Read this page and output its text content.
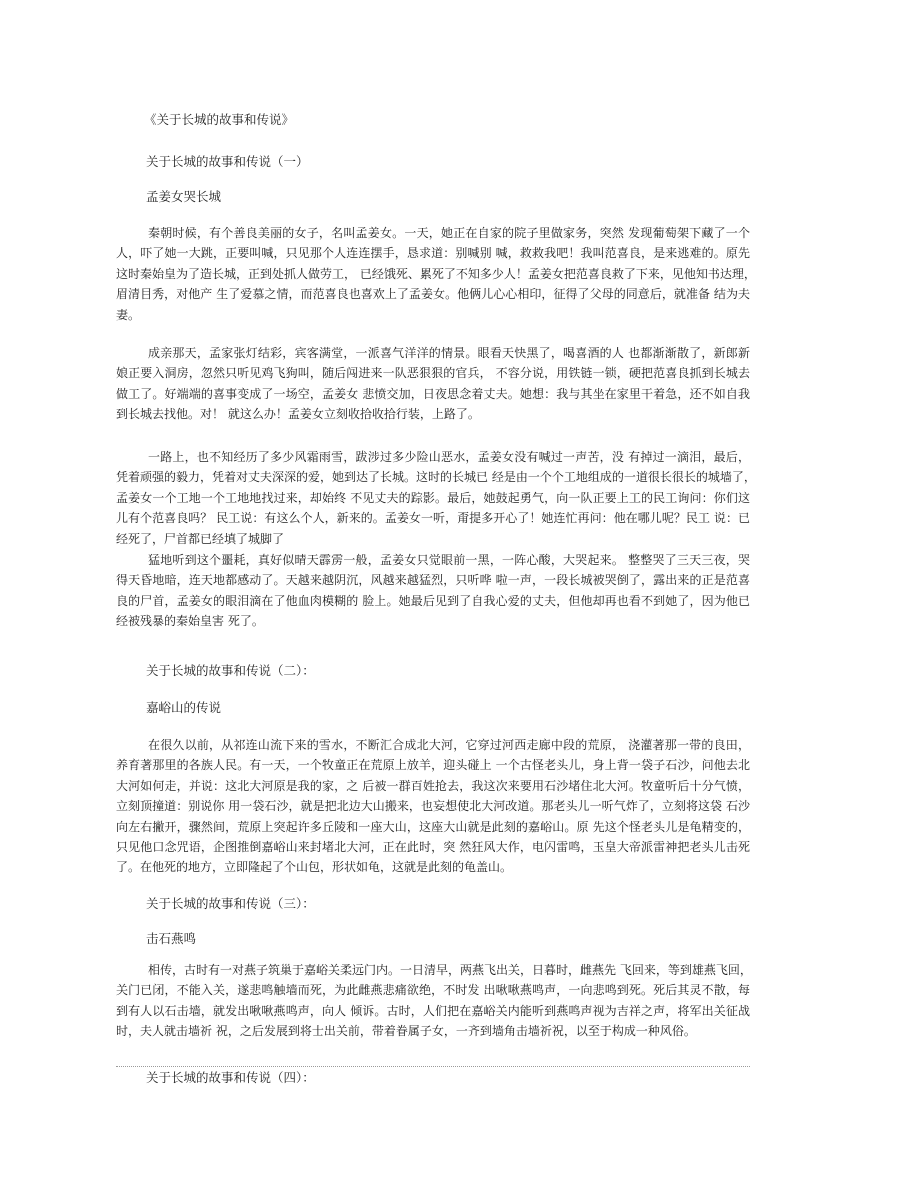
《关于长城的故事和传说》
关于长城的故事和传说（一）
孟姜女哭长城
秦朝时候，有个善良美丽的女子，名叫孟姜女。一天，她正在自家的院子里做家务，突然 发现葡萄架下藏了一个
人，吓了她一大跳，正要叫喊，只见那个人连连摆手，恳求道：别喊别 喊，救救我吧！我叫范喜良，是来逃难的。原先
这时秦始皇为了造长城，正到处抓人做劳工， 已经饿死、累死了不知多少人！孟姜女把范喜良救了下来，见他知书达理，
眉清目秀，对他产 生了爱慕之情，而范喜良也喜欢上了孟姜女。他俩儿心心相印，征得了父母的同意后，就准备 结为夫
妻。
成亲那天，孟家张灯结彩，宾客满堂，一派喜气洋洋的情景。眼看天快黑了，喝喜酒的人 也都渐渐散了，新郎新
娘正要入洞房，忽然只听见鸡飞狗叫，随后闯进来一队恶狠狠的官兵， 不容分说，用铁链一锁，硬把范喜良抓到长城去
做工了。好端端的喜事变成了一场空，孟姜女 悲愤交加，日夜思念着丈夫。她想：我与其坐在家里干着急，还不如自我
到长城去找他。对！ 就这么办！孟姜女立刻收拾收拾行装，上路了。
一路上，也不知经历了多少风霜雨雪，跋涉过多少险山恶水，孟姜女没有喊过一声苦，没 有掉过一滴泪，最后，
凭着顽强的毅力，凭着对丈夫深深的爱，她到达了长城。这时的长城已 经是由一个个工地组成的一道很长很长的城墙了，
孟姜女一个工地一个工地地找过来，却始终 不见丈夫的踪影。最后，她鼓起勇气，向一队正要上工的民工询问：你们这
儿有个范喜良吗？ 民工说：有这么个人，新来的。孟姜女一听，甭提多开心了！她连忙再问：他在哪儿呢？民工 说：已
经死了，尸首都已经填了城脚了
猛地听到这个噩耗，真好似晴天霹雳一般，孟姜女只觉眼前一黑，一阵心酸，大哭起来。 整整哭了三天三夜，哭
得天昏地暗，连天地都感动了。天越来越阴沉，风越来越猛烈，只听哗 啦一声，一段长城被哭倒了，露出来的正是范喜
良的尸首，孟姜女的眼泪滴在了他血肉模糊的 脸上。她最后见到了自我心爱的丈夫，但他却再也看不到她了，因为他已
经被残暴的秦始皇害 死了。
关于长城的故事和传说（二）：
嘉峪山的传说
在很久以前，从祁连山流下来的雪水，不断汇合成北大河，它穿过河西走廊中段的荒原， 浇灌著那一带的良田，
养育著那里的各族人民。有一天，一个牧童正在荒原上放羊，迎头碰上 一个古怪老头儿，身上背一袋子石沙，问他去北
大河如何走，并说：这北大河原是我的家，之 后被一群百姓抢去，我这次来要用石沙堵住北大河。牧童听后十分气愤，
立刻顶撞道：别说你 用一袋石沙，就是把北边大山搬来，也妄想使北大河改道。那老头儿一听气炸了，立刻将这袋 石沙
向左右撇开，骤然间，荒原上突起许多丘陵和一座大山，这座大山就是此刻的嘉峪山。原 先这个怪老头儿是龟精变的，
只见他口念咒语，企图推倒嘉峪山来封堵北大河，正在此时，突 然狂风大作，电闪雷鸣，玉皇大帝派雷神把老头儿击死
了。在他死的地方，立即隆起了个山包，形状如龟，这就是此刻的龟盖山。
关于长城的故事和传说（三）：
击石燕鸣
相传，古时有一对燕子筑巢于嘉峪关柔远门内。一日清早，两燕飞出关，日暮时，雌燕先 飞回来，等到雄燕飞回，
关门已闭，不能入关，遂悲鸣触墙而死，为此雌燕悲痛欲绝，不时发 出啾啾燕鸣声，一向悲鸣到死。死后其灵不散，每
到有人以石击墙，就发出啾啾燕鸣声，向人 倾诉。古时，人们把在嘉峪关内能听到燕鸣声视为吉祥之声，将军出关征战
时，夫人就击墙祈 祝，之后发展到将士出关前，带着眷属子女，一齐到墙角击墙祈祝，以至于构成一种风俗。
关于长城的故事和传说（四）：
